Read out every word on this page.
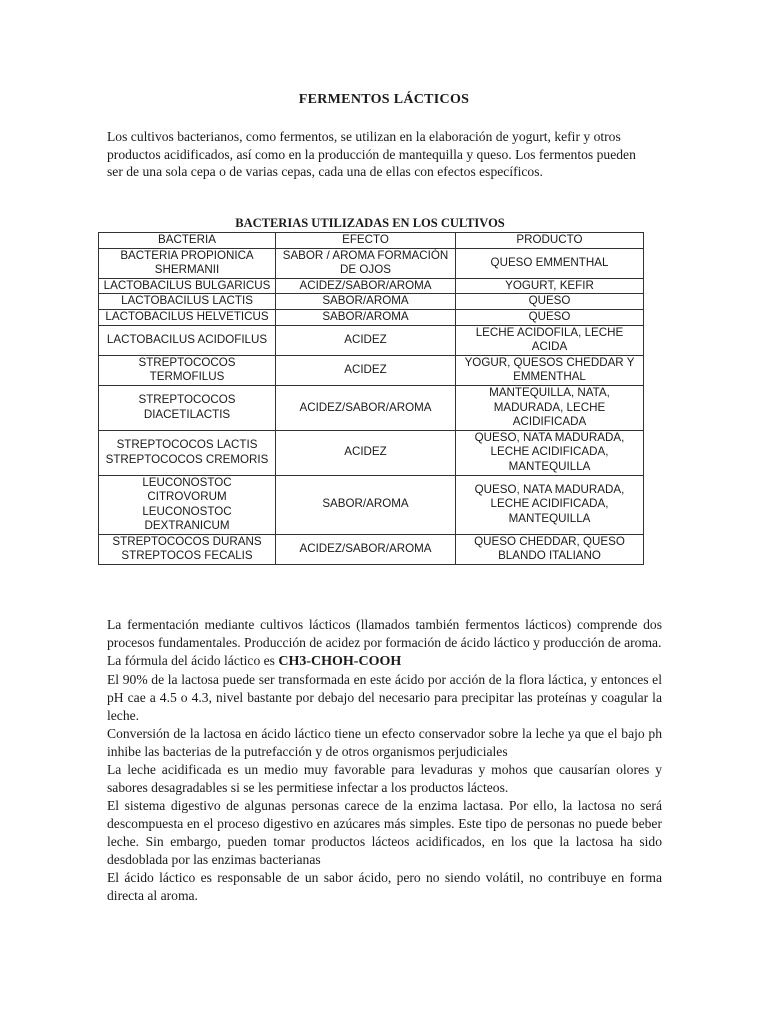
FERMENTOS LÁCTICOS
Los cultivos bacterianos, como fermentos, se utilizan en la elaboración de yogurt, kefir y otros productos acidificados, así como en la producción de mantequilla y queso. Los fermentos pueden ser de una sola cepa o de varias cepas, cada una de ellas con efectos específicos.
BACTERIAS UTILIZADAS EN LOS CULTIVOS
BACTERIA	EFECTO	PRODUCTO
BACTERIA PROPIONICA SHERMANII	SABOR / AROMA FORMACIÓN DE OJOS	QUESO EMMENTHAL
LACTOBACILUS BULGARICUS	ACIDEZ/SABOR/AROMA	YOGURT, KEFIR
LACTOBACILUS LACTIS	SABOR/AROMA	QUESO
LACTOBACILUS HELVETICUS	SABOR/AROMA	QUESO
LACTOBACILUS ACIDOFILUS	ACIDEZ	LECHE ACIDOFILA, LECHE ACIDA
STREPTOCOCOS TERMOFILUS	ACIDEZ	YOGUR, QUESOS CHEDDAR Y EMMENTHAL
STREPTOCOCOS DIACETILACTIS	ACIDEZ/SABOR/AROMA	MANTEQUILLA, NATA, MADURADA, LECHE ACIDIFICADA
STREPTOCOCOS LACTIS STREPTOCOCOS CREMORIS	ACIDEZ	QUESO, NATA MADURADA, LECHE ACIDIFICADA, MANTEQUILLA
LEUCONOSTOC CITROVORUM LEUCONOSTOC DEXTRANICUM	SABOR/AROMA	QUESO, NATA MADURADA, LECHE ACIDIFICADA, MANTEQUILLA
STREPTOCOCOS DURANS STREPTOCOS FECALIS	ACIDEZ/SABOR/AROMA	QUESO CHEDDAR, QUESO BLANDO ITALIANO

La fermentación mediante cultivos lácticos (llamados también fermentos lácticos) comprende dos procesos fundamentales. Producción de acidez por formación de ácido láctico y producción de aroma.

La fórmula del ácido láctico es CH3-CHOH-COOH

El 90% de la lactosa puede ser transformada en este ácido por acción de la flora láctica, y entonces el pH cae a 4.5 o 4.3, nivel bastante por debajo del necesario para precipitar las proteínas y coagular la leche.

Conversión de la lactosa en ácido láctico tiene un efecto conservador sobre la leche ya que el bajo ph inhibe las bacterias de la putrefacción y de otros organismos perjudiciales

La leche acidificada es un medio muy favorable para levaduras y mohos que causarían olores y sabores desagradables si se les permitiese infectar a los productos lácteos.

El sistema digestivo de algunas personas carece de la enzima lactasa. Por ello, la lactosa no será descompuesta en el proceso digestivo en azúcares más simples. Este tipo de personas no puede beber leche. Sin embargo, pueden tomar productos lácteos acidificados, en los que la lactosa ha sido desdoblada por las enzimas bacterianas

El ácido láctico es responsable de un sabor ácido, pero no siendo volátil, no contribuye en forma directa al aroma.
